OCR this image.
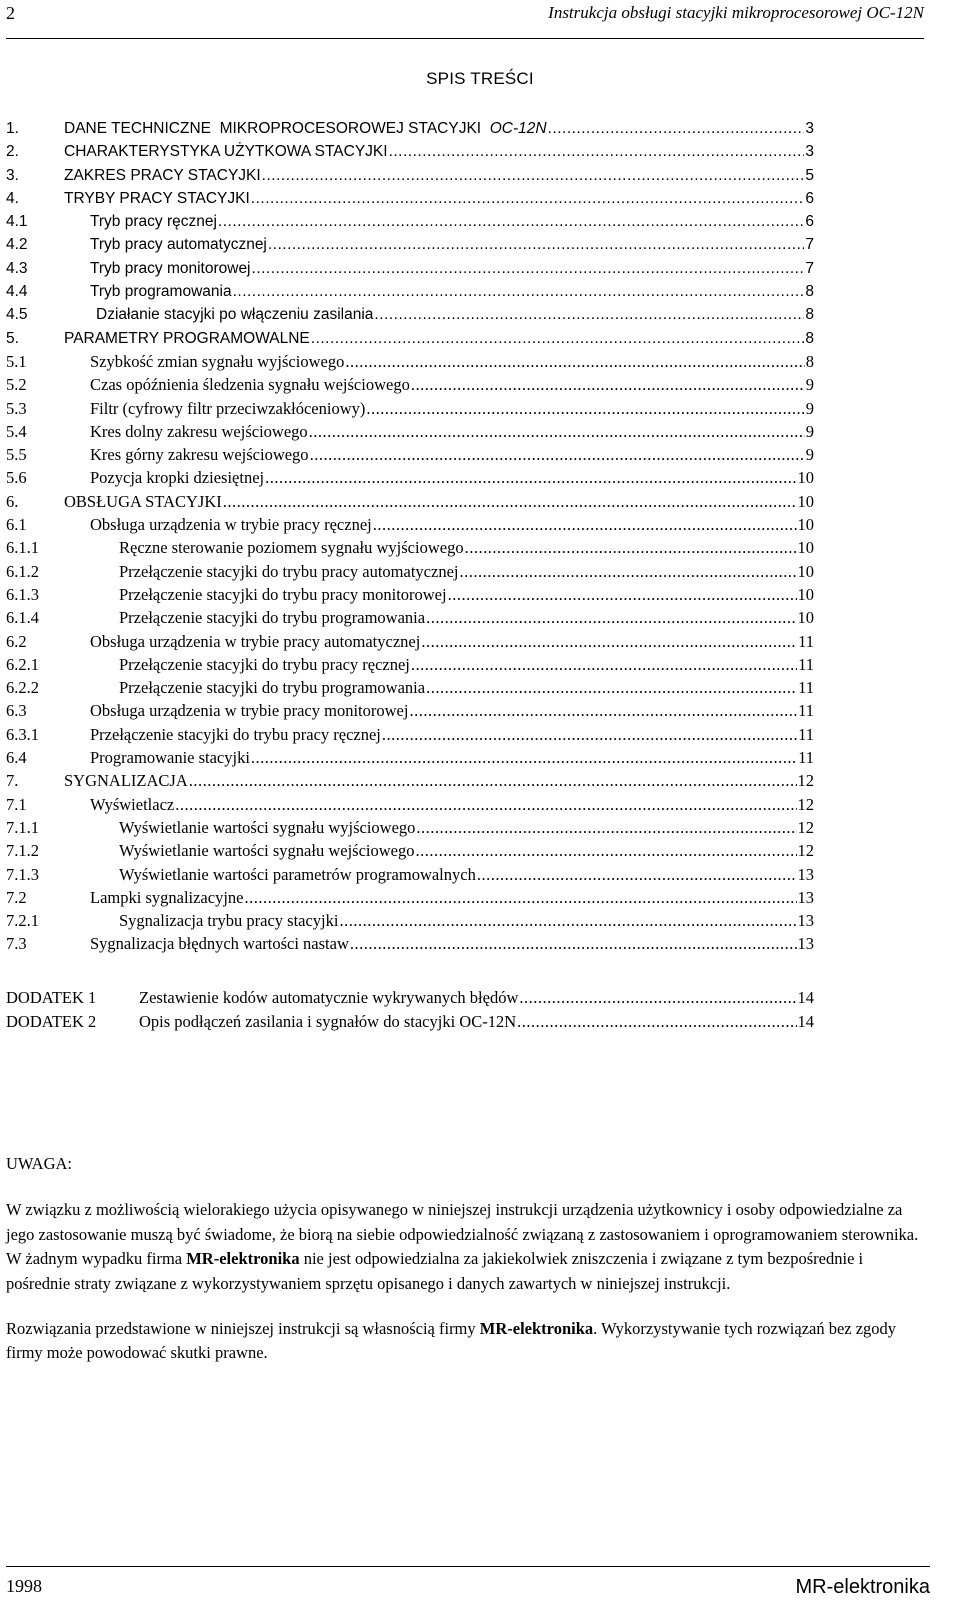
2	Instrukcja obsługi stacyjki mikroprocesorowej OC-12N
SPIS TREŚCI
1.	DANE TECHNICZNE  MIKROPROCESOROWEJ STACYJKI OC-12N .....	3
2.	CHARAKTERYSTYKA UŻYTKOWA STACYJKI .....	3
3.	ZAKRES PRACY STACYJKI .....	5
4.	TRYBY PRACY STACYJKI .....	6
4.1	Tryb pracy ręcznej .....	6
4.2	Tryb pracy automatycznej .....	7
4.3	Tryb pracy monitorowej .....	7
4.4	Tryb programowania .....	8
4.5	Działanie stacyjki po włączeniu zasilania .....	8
5.	PARAMETRY PROGRAMOWALNE .....	8
5.1	Szybkość zmian sygnału wyjściowego .....	8
5.2	Czas opóźnienia śledzenia sygnału wejściowego .....	9
5.3	Filtr (cyfrowy filtr przeciwzakłóceniowy) .....	9
5.4	Kres dolny zakresu wejściowego .....	9
5.5	Kres górny zakresu wejściowego .....	9
5.6	Pozycja kropki dziesiętnej .....	10
6.	OBSŁUGA STACYJKI .....	10
6.1	Obsługa urządzenia w trybie pracy ręcznej .....	10
6.1.1	Ręczne sterowanie poziomem sygnału wyjściowego .....	10
6.1.2	Przełączenie stacyjki do trybu pracy automatycznej .....	10
6.1.3	Przełączenie stacyjki do trybu pracy monitorowej .....	10
6.1.4	Przełączenie stacyjki do trybu programowania .....	10
6.2	Obsługa urządzenia w trybie pracy automatycznej .....	11
6.2.1	Przełączenie stacyjki do trybu pracy ręcznej .....	11
6.2.2	Przełączenie stacyjki do trybu programowania .....	11
6.3	Obsługa urządzenia w trybie pracy monitorowej .....	11
6.3.1	Przełączenie stacyjki do trybu pracy ręcznej .....	11
6.4	Programowanie stacyjki .....	11
7.	SYGNALIZACJA .....	12
7.1	Wyświetlacz .....	12
7.1.1	Wyświetlanie wartości sygnału wyjściowego .....	12
7.1.2	Wyświetlanie wartości sygnału wejściowego .....	12
7.1.3	Wyświetlanie wartości parametrów programowalnych .....	13
7.2	Lampki sygnalizacyjne .....	13
7.2.1	Sygnalizacja trybu pracy stacyjki .....	13
7.3	Sygnalizacja błędnych wartości nastaw .....	13
DODATEK 1	Zestawienie kodów automatycznie wykrywanych błędów .....	14
DODATEK 2	Opis podłączeń zasilania i sygnałów do stacyjki OC-12N .....	14
UWAGA:

W związku z możliwością wielorakiego użycia opisywanego w niniejszej instrukcji urządzenia użytkownicy i osoby odpowiedzialne za jego zastosowanie muszą być świadome, że biorą na siebie odpowiedzialność związaną z zastosowaniem i oprogramowaniem sterownika. W żadnym wypadku firma MR-elektronika nie jest odpowiedzialna za jakiekolwiek zniszczenia i związane z tym bezpośrednie i pośrednie straty związane z wykorzystywaniem sprzętu opisanego i danych zawartych w niniejszej instrukcji.

Rozwiązania przedstawione w niniejszej instrukcji są własnością firmy MR-elektronika. Wykorzystywanie tych rozwiązań bez zgody firmy może powodować skutki prawne.

1998	MR-elektronika
